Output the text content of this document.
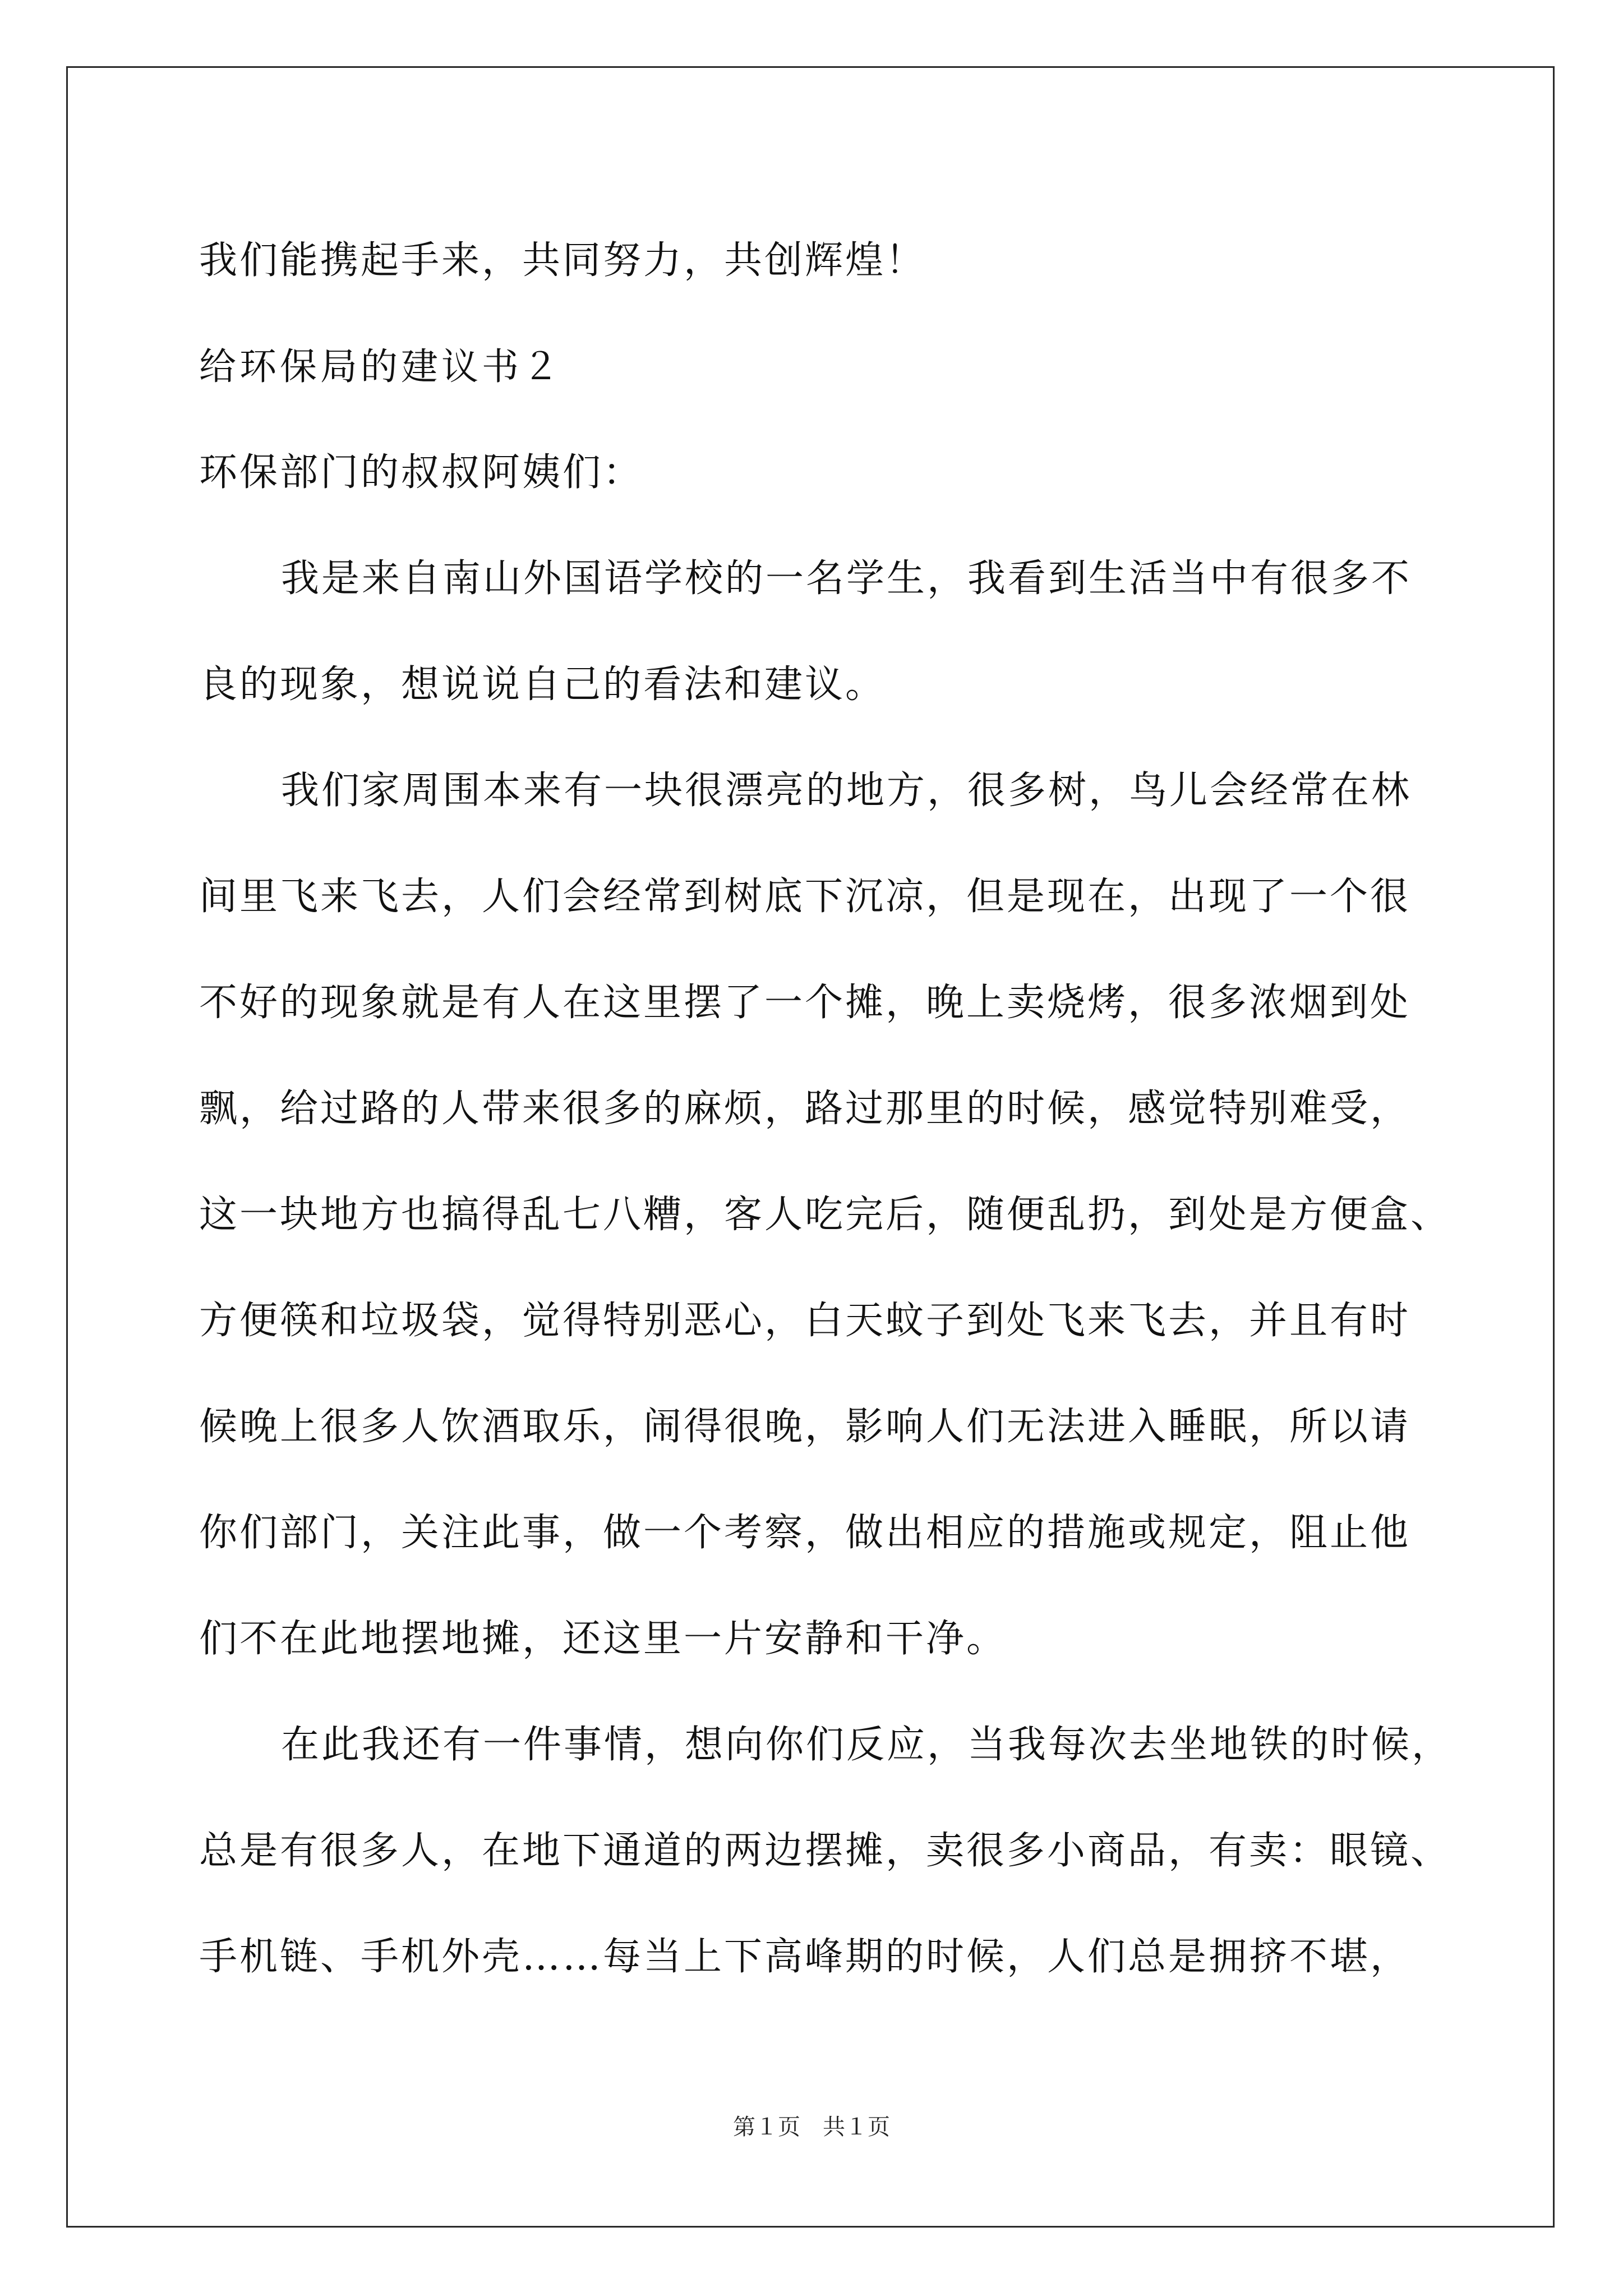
我们能携起手来，共同努力，共创辉煌！
给环保局的建议书２
环保部门的叔叔阿姨们：
我是来自南山外国语学校的一名学生，我看到生活当中有很多不
良的现象，想说说自己的看法和建议。
我们家周围本来有一块很漂亮的地方，很多树，鸟儿会经常在林
间里飞来飞去，人们会经常到树底下沉凉，但是现在，出现了一个很
不好的现象就是有人在这里摆了一个摊，晚上卖烧烤，很多浓烟到处
飘，给过路的人带来很多的麻烦，路过那里的时候，感觉特别难受，
这一块地方也搞得乱七八糟，客人吃完后，随便乱扔，到处是方便盒、
方便筷和垃圾袋，觉得特别恶心，白天蚊子到处飞来飞去，并且有时
候晚上很多人饮酒取乐，闹得很晚，影响人们无法进入睡眠，所以请
你们部门，关注此事，做一个考察，做出相应的措施或规定，阻止他
们不在此地摆地摊，还这里一片安静和干净。
在此我还有一件事情，想向你们反应，当我每次去坐地铁的时候，
总是有很多人，在地下通道的两边摆摊，卖很多小商品，有卖：眼镜、
手机链、手机外壳……每当上下高峰期的时候，人们总是拥挤不堪，
第１页　共１页
